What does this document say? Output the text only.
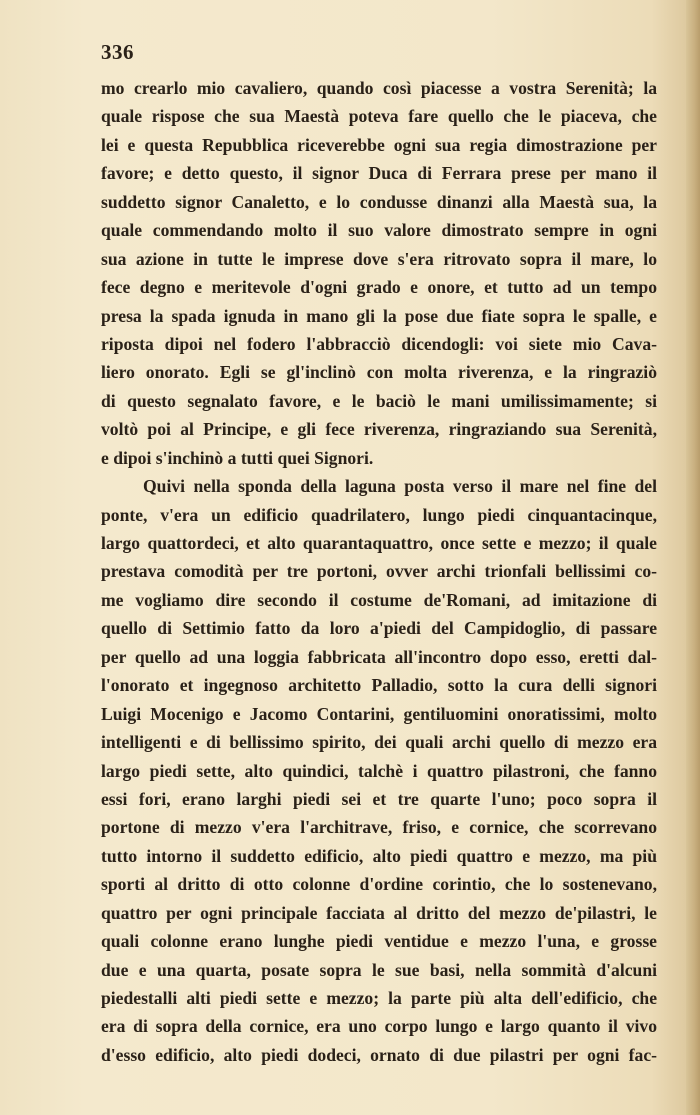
336
mo crearlo mio cavaliero, quando così piacesse a vostra Serenità; la
quale rispose che sua Maestà poteva fare quello che le piaceva, che
lei e questa Repubblica riceverebbe ogni sua regia dimostrazione per
favore; e detto questo, il signor Duca di Ferrara prese per mano il
suddetto signor Canaletto, e lo condusse dinanzi alla Maestà sua, la
quale commendando molto il suo valore dimostrato sempre in ogni
sua azione in tutte le imprese dove s'era ritrovato sopra il mare, lo
fece degno e meritevole d'ogni grado e onore, et tutto ad un tempo
presa la spada ignuda in mano gli la pose due fiate sopra le spalle, e
riposta dipoi nel fodero l'abbracciò dicendogli: voi siete mio Cava-
liero onorato. Egli se gl'inclinò con molta riverenza, e la ringraziò
di questo segnalato favore, e le baciò le mani umilissimamente; si
voltò poi al Principe, e gli fece riverenza, ringraziando sua Serenità,
e dipoi s'inchinò a tutti quei Signori.
Quivi nella sponda della laguna posta verso il mare nel fine del
ponte, v'era un edificio quadrilatero, lungo piedi cinquantacinque,
largo quattordeci, et alto quarantaquattro, once sette e mezzo; il quale
prestava comodità per tre portoni, ovver archi trionfali bellissimi co-
me vogliamo dire secondo il costume de'Romani, ad imitazione di
quello di Settimio fatto da loro a'piedi del Campidoglio, di passare
per quello ad una loggia fabbricata all'incontro dopo esso, eretti dal-
l'onorato et ingegnoso architetto Palladio, sotto la cura delli signori
Luigi Mocenigo e Jacomo Contarini, gentiluomini onoratissimi, molto
intelligenti e di bellissimo spirito, dei quali archi quello di mezzo era
largo piedi sette, alto quindici, talchè i quattro pilastroni, che fanno
essi fori, erano larghi piedi sei et tre quarte l'uno; poco sopra il
portone di mezzo v'era l'architrave, friso, e cornice, che scorrevano
tutto intorno il suddetto edificio, alto piedi quattro e mezzo, ma più
sporti al dritto di otto colonne d'ordine corintio, che lo sostenevano,
quattro per ogni principale facciata al dritto del mezzo de'pilastri, le
quali colonne erano lunghe piedi ventidue e mezzo l'una, e grosse
due e una quarta, posate sopra le sue basi, nella sommità d'alcuni
piedestalli alti piedi sette e mezzo; la parte più alta dell'edificio, che
era di sopra della cornice, era uno corpo lungo e largo quanto il vivo
d'esso edificio, alto piedi dodeci, ornato di due pilastri per ogni fac-
